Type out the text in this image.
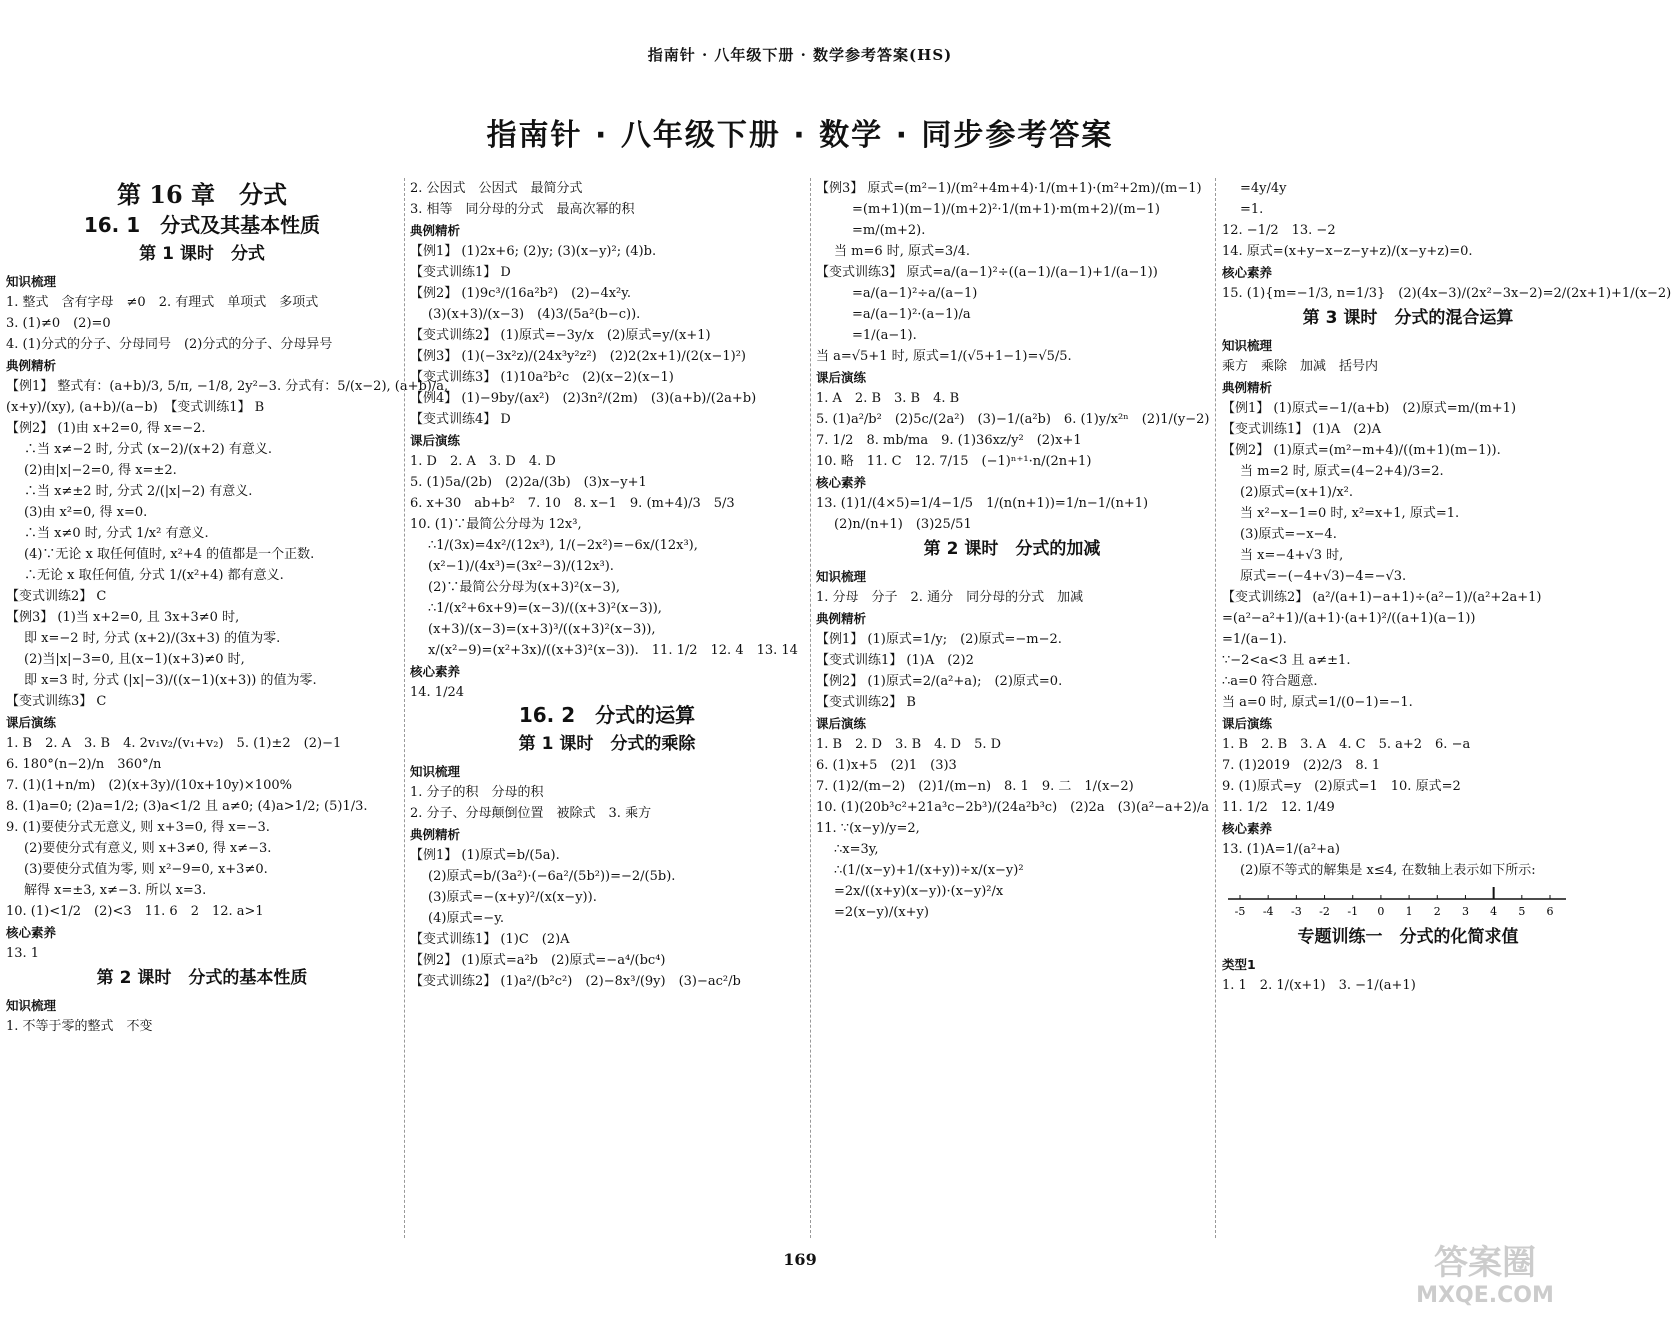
指南针 · 八年级下册 · 数学参考答案(HS)
指南针 · 八年级下册 · 数学 · 同步参考答案
第 16 章　分式
16. 1　分式及其基本性质
第 1 课时　分式
知识梳理
1. 整式　含有字母　≠0　2. 有理式　单项式　多项式
3. (1)≠0　(2)=0
4. (1)分式的分子、分母同号　(2)分式的分子、分母异号
典例精析
【例1】 整式有：(a+b)/3, 5/π, −1/8, 2y²−3. 分式有：5/(x−2), (a+b)/a,
(x+y)/(xy), (a+b)/(a−b)　【变式训练1】 B
【例2】 (1)由 x+2=0, 得 x=−2.
∴当 x≠−2 时, 分式 (x−2)/(x+2) 有意义.
(2)由|x|−2=0, 得 x=±2.
∴当 x≠±2 时, 分式 2/(|x|−2) 有意义.
(3)由 x²=0, 得 x=0.
∴当 x≠0 时, 分式 1/x² 有意义.
(4)∵无论 x 取任何值时, x²+4 的值都是一个正数.
∴无论 x 取任何值, 分式 1/(x²+4) 都有意义.
【变式训练2】 C
【例3】 (1)当 x+2=0, 且 3x+3≠0 时,
即 x=−2 时, 分式 (x+2)/(3x+3) 的值为零.
(2)当|x|−3=0, 且(x−1)(x+3)≠0 时,
即 x=3 时, 分式 (|x|−3)/((x−1)(x+3)) 的值为零.
【变式训练3】 C
课后演练
1. B　2. A　3. B　4. 2v₁v₂/(v₁+v₂)　5. (1)±2　(2)−1
6. 180°(n−2)/n　360°/n
7. (1)(1+n/m)　(2)(x+3y)/(10x+10y)×100%
8. (1)a=0; (2)a=1/2; (3)a<1/2 且 a≠0; (4)a>1/2; (5)1/3.
9. (1)要使分式无意义, 则 x+3=0, 得 x=−3.
(2)要使分式有意义, 则 x+3≠0, 得 x≠−3.
(3)要使分式值为零, 则 x²−9=0, x+3≠0.
解得 x=±3, x≠−3. 所以 x=3.
10. (1)<1/2　(2)<3　11. 6　2　12. a>1
核心素养
13. 1
第 2 课时　分式的基本性质
知识梳理
1. 不等于零的整式　不变
2. 公因式　公因式　最简分式
3. 相等　同分母的分式　最高次幂的积
典例精析
【例1】 (1)2x+6; (2)y; (3)(x−y)²; (4)b.
【变式训练1】 D
【例2】 (1)9c³/(16a²b²)　(2)−4x²y.
(3)(x+3)/(x−3)　(4)3/(5a²(b−c)).
【变式训练2】 (1)原式=−3y/x　(2)原式=y/(x+1)
【例3】 (1)(−3x²z)/(24x³y²z²)　(2)2(2x+1)/(2(x−1)²)
【变式训练3】 (1)10a²b²c　(2)(x−2)(x−1)
【例4】 (1)−9by/(ax²)　(2)3n²/(2m)　(3)(a+b)/(2a+b)
【变式训练4】 D
课后演练
1. D　2. A　3. D　4. D
5. (1)5a/(2b)　(2)2a/(3b)　(3)x−y+1
6. x+30　ab+b²　7. 10　8. x−1　9. (m+4)/3　5/3
10. (1)∵最简公分母为 12x³,
∴1/(3x)=4x²/(12x³), 1/(−2x²)=−6x/(12x³),
(x²−1)/(4x³)=(3x²−3)/(12x³).
(2)∵最简公分母为(x+3)²(x−3),
∴1/(x²+6x+9)=(x−3)/((x+3)²(x−3)),
(x+3)/(x−3)=(x+3)³/((x+3)²(x−3)),
x/(x²−9)=(x²+3x)/((x+3)²(x−3)).　11. 1/2　12. 4　13. 14
核心素养
14. 1/24
16. 2　分式的运算
第 1 课时　分式的乘除
知识梳理
1. 分子的积　分母的积
2. 分子、分母颠倒位置　被除式　3. 乘方
典例精析
【例1】 (1)原式=b/(5a).
(2)原式=b/(3a²)·(−6a²/(5b²))=−2/(5b).
(3)原式=−(x+y)²/(x(x−y)).
(4)原式=−y.
【变式训练1】 (1)C　(2)A
【例2】 (1)原式=a²b　(2)原式=−a⁴/(bc⁴)
【变式训练2】 (1)a²/(b²c²)　(2)−8x³/(9y)　(3)−ac²/b
【例3】 原式=(m²−1)/(m²+4m+4)·1/(m+1)·(m²+2m)/(m−1)
=(m+1)(m−1)/(m+2)²·1/(m+1)·m(m+2)/(m−1)
=m/(m+2).
当 m=6 时, 原式=3/4.
【变式训练3】 原式=a/(a−1)²÷((a−1)/(a−1)+1/(a−1))
=a/(a−1)²÷a/(a−1)
=a/(a−1)²·(a−1)/a
=1/(a−1).
当 a=√5+1 时, 原式=1/(√5+1−1)=√5/5.
课后演练
1. A　2. B　3. B　4. B
5. (1)a²/b²　(2)5c/(2a²)　(3)−1/(a²b)　6. (1)y/x²ⁿ　(2)1/(y−2)
7. 1/2　8. mb/ma　9. (1)36xz/y²　(2)x+1
10. 略　11. C　12. 7/15　(−1)ⁿ⁺¹·n/(2n+1)
核心素养
13. (1)1/(4×5)=1/4−1/5　1/(n(n+1))=1/n−1/(n+1)
(2)n/(n+1)　(3)25/51
第 2 课时　分式的加减
知识梳理
1. 分母　分子　2. 通分　同分母的分式　加减
典例精析
【例1】 (1)原式=1/y;　(2)原式=−m−2.
【变式训练1】 (1)A　(2)2
【例2】 (1)原式=2/(a²+a);　(2)原式=0.
【变式训练2】 B
课后演练
1. B　2. D　3. B　4. D　5. D
6. (1)x+5　(2)1　(3)3
7. (1)2/(m−2)　(2)1/(m−n)　8. 1　9. 二　1/(x−2)
10. (1)(20b³c²+21a³c−2b³)/(24a²b³c)　(2)2a　(3)(a²−a+2)/a
11. ∵(x−y)/y=2,
∴x=3y,
∴(1/(x−y)+1/(x+y))÷x/(x−y)²
=2x/((x+y)(x−y))·(x−y)²/x
=2(x−y)/(x+y)
=4y/4y
=1.
12. −1/2　13. −2
14. 原式=(x+y−x−z−y+z)/(x−y+z)=0.
核心素养
15. (1){m=−1/3, n=1/3}　(2)(4x−3)/(2x²−3x−2)=2/(2x+1)+1/(x−2)
第 3 课时　分式的混合运算
知识梳理
乘方　乘除　加减　括号内
典例精析
【例1】 (1)原式=−1/(a+b)　(2)原式=m/(m+1)
【变式训练1】 (1)A　(2)A
【例2】 (1)原式=(m²−m+4)/((m+1)(m−1)).
当 m=2 时, 原式=(4−2+4)/3=2.
(2)原式=(x+1)/x².
当 x²−x−1=0 时, x²=x+1, 原式=1.
(3)原式=−x−4.
当 x=−4+√3 时,
原式=−(−4+√3)−4=−√3.
【变式训练2】 (a²/(a+1)−a+1)÷(a²−1)/(a²+2a+1)
=(a²−a²+1)/(a+1)·(a+1)²/((a+1)(a−1))
=1/(a−1).
∵−2<a<3 且 a≠±1.
∴a=0 符合题意.
当 a=0 时, 原式=1/(0−1)=−1.
课后演练
1. B　2. B　3. A　4. C　5. a+2　6. −a
7. (1)2019　(2)2/3　8. 1
9. (1)原式=y　(2)原式=1　10. 原式=2
11. 1/2　12. 1/49
核心素养
13. (1)A=1/(a²+a)
(2)原不等式的解集是 x≤4, 在数轴上表示如下所示:
-5 -4 -3 -2 -1 0 1 2 3 4 5 6
专题训练一　分式的化简求值
类型1
1. 1　2. 1/(x+1)　3. −1/(a+1)
169	答案圈
MXQE.COM
